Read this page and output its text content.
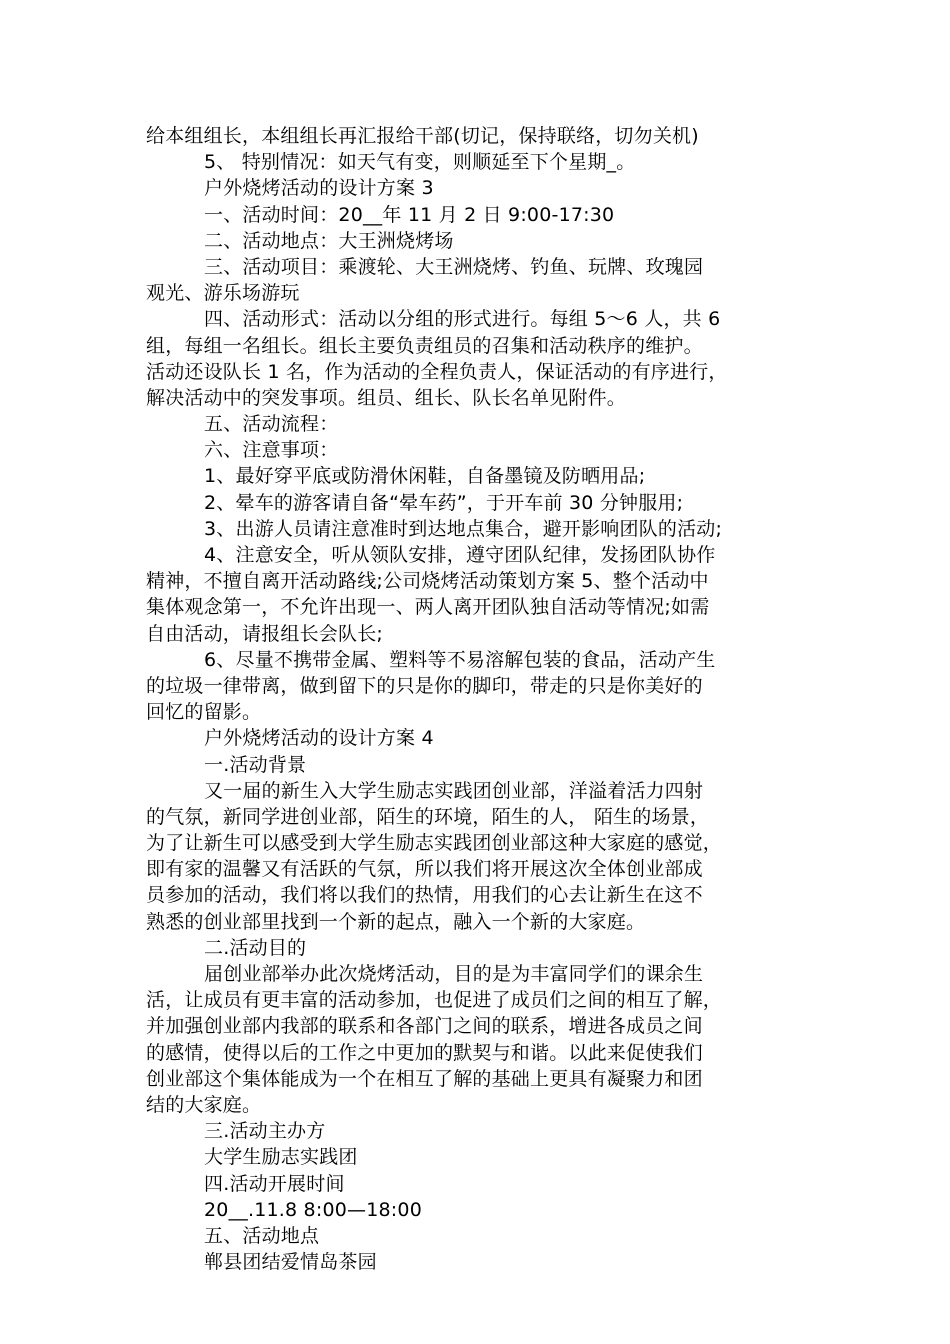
给本组组长，本组组长再汇报给干部(切记，保持联络，切勿关机)
5、 特别情况：如天气有变，则顺延至下个星期_。
户外烧烤活动的设计方案 3
一、活动时间：20__年 11 月 2 日 9:00-17:30
二、活动地点：大王洲烧烤场
三、活动项目：乘渡轮、大王洲烧烤、钓鱼、玩牌、玫瑰园
观光、游乐场游玩
四、活动形式：活动以分组的形式进行。每组 5～6 人，共 6
组，每组一名组长。组长主要负责组员的召集和活动秩序的维护。
活动还设队长 1 名，作为活动的全程负责人，保证活动的有序进行，
解决活动中的突发事项。组员、组长、队长名单见附件。
五、活动流程：
六、注意事项：
1、最好穿平底或防滑休闲鞋，自备墨镜及防晒用品;
2、晕车的游客请自备“晕车药”，于开车前 30 分钟服用;
3、出游人员请注意准时到达地点集合，避开影响团队的活动;
4、注意安全，听从领队安排，遵守团队纪律，发扬团队协作
精神，不擅自离开活动路线;公司烧烤活动策划方案 5、整个活动中
集体观念第一，不允许出现一、两人离开团队独自活动等情况;如需
自由活动，请报组长会队长;
6、尽量不携带金属、塑料等不易溶解包装的食品，活动产生
的垃圾一律带离，做到留下的只是你的脚印，带走的只是你美好的
回忆的留影。
户外烧烤活动的设计方案 4
一.活动背景
又一届的新生入大学生励志实践团创业部，洋溢着活力四射
的气氛，新同学进创业部，陌生的环境，陌生的人， 陌生的场景，
为了让新生可以感受到大学生励志实践团创业部这种大家庭的感觉，
即有家的温馨又有活跃的气氛，所以我们将开展这次全体创业部成
员参加的活动，我们将以我们的热情，用我们的心去让新生在这不
熟悉的创业部里找到一个新的起点，融入一个新的大家庭。
二.活动目的
届创业部举办此次烧烤活动，目的是为丰富同学们的课余生
活，让成员有更丰富的活动参加，也促进了成员们之间的相互了解，
并加强创业部内我部的联系和各部门之间的联系，增进各成员之间
的感情，使得以后的工作之中更加的默契与和谐。以此来促使我们
创业部这个集体能成为一个在相互了解的基础上更具有凝聚力和团
结的大家庭。
三.活动主办方
大学生励志实践团
四.活动开展时间
20__.11.8 8:00—18:00
五、活动地点
郸县团结爱情岛茶园
